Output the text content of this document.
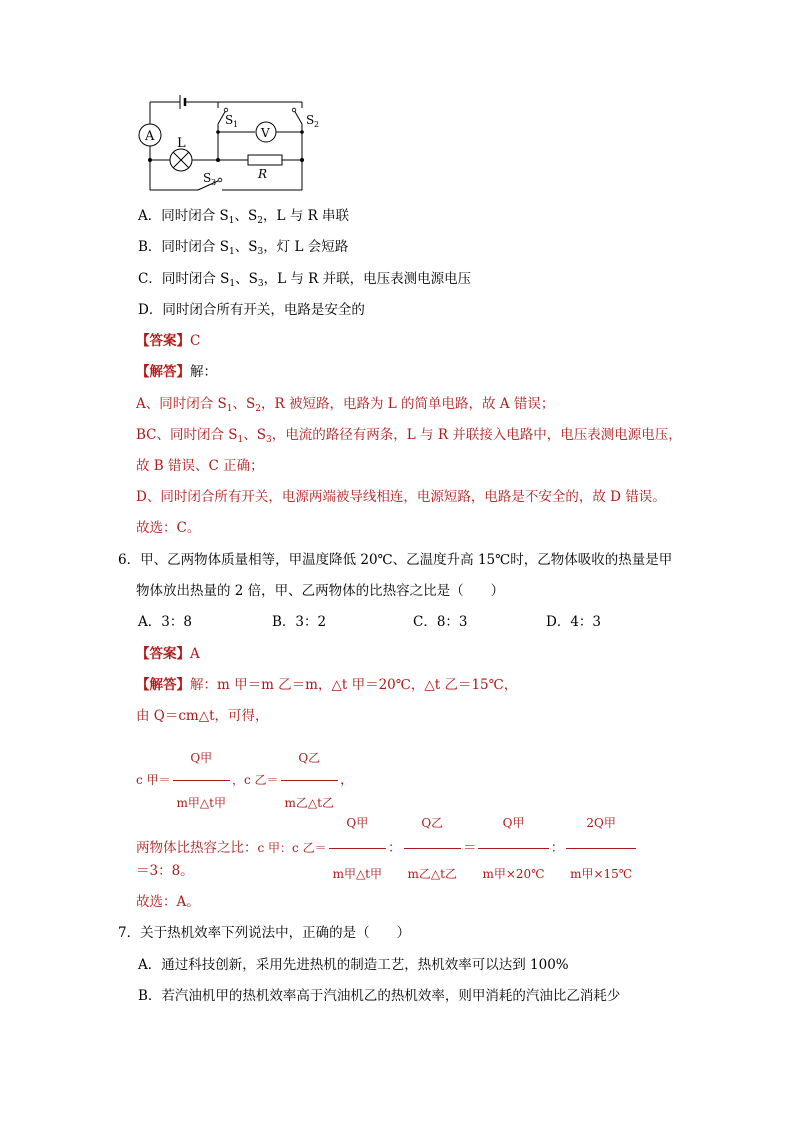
A L
V
R
S 1	S 2
S 3
A．同时闭合 $S_1$、$S_2$，L 与 R 串联
B．同时闭合 $S_1$、$S_3$，灯 L 会短路
C．同时闭合 $S_1$、$S_3$，L 与 R 并联，电压表测电源电压
D．同时闭合所有开关，电路是安全的
【答案】C
【解答】解：
A、同时闭合 $S_1$、$S_2$，R 被短路，电路为 L 的简单电路，故 A 错误；
BC、同时闭合 $S_1$、$S_3$，电流的路径有两条，L 与 R 并联接入电路中，电压表测电源电压，
故 B 错误、C 正确；
D、同时闭合所有开关，电源两端被导线相连，电源短路，电路是不安全的，故 D 错误。
故选：C。
6．甲、乙两物体质量相等，甲温度降低 20℃、乙温度升高 15℃时，乙物体吸收的热量是甲
物体放出热量的 2 倍，甲、乙两物体的比热容之比是（　　）
A．3：8	B．3：2	C．8：3	D．4：3
【答案】A
【解答】解：m 甲＝m 乙＝m，△t 甲＝20℃，△t 乙＝15℃，
由 Q＝cm△t，可得，
c 甲＝ $\frac{\text{Q甲}}{\text{m甲△t甲}}$ ，c 乙＝ $\frac{\text{Q乙}}{\text{m乙△t乙}}$ ，
两物体比热容之比：c 甲：c 乙＝ $\frac{\text{Q甲}}{\text{m甲△t甲}}$ ： $\frac{\text{Q乙}}{\text{m乙△t乙}} = \frac{\text{Q甲}}{\text{m甲×20℃}}$ ： $\frac{\text{2Q甲}}{\text{m甲×15℃}}$
＝3：8。
故选：A。
7．关于热机效率下列说法中，正确的是（　　）
A．通过科技创新，采用先进热机的制造工艺，热机效率可以达到 100%
B．若汽油机甲的热机效率高于汽油机乙的热机效率，则甲消耗的汽油比乙消耗少
